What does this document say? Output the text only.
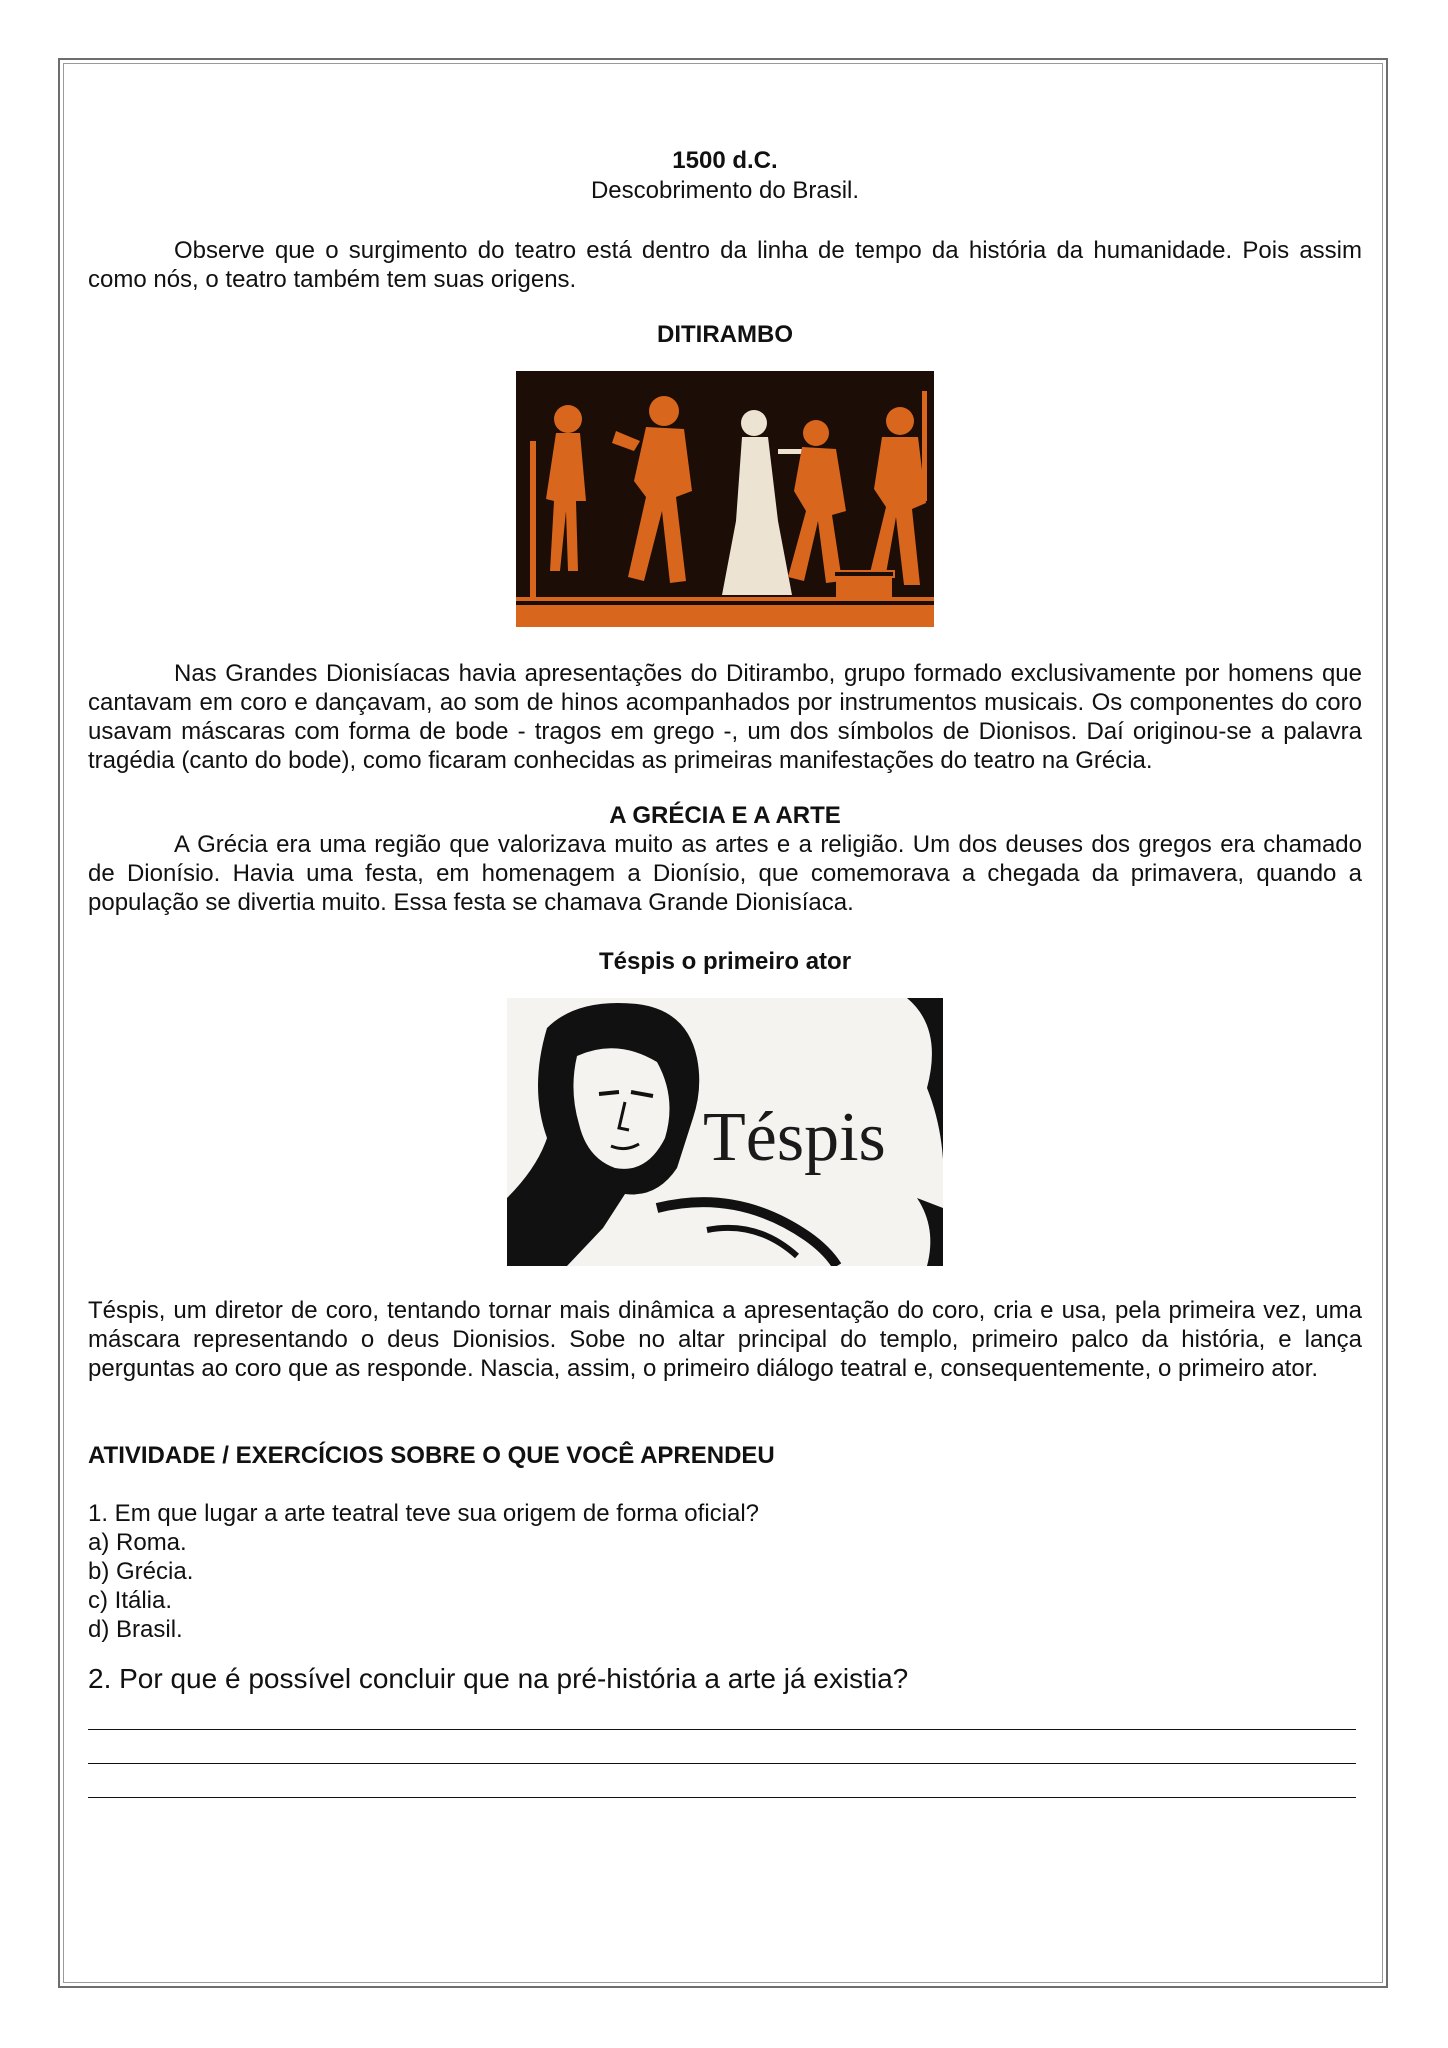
1500 d.C.
Descobrimento do Brasil.

Observe que o surgimento do teatro está dentro da linha de tempo da história da humanidade. Pois assim como nós, o teatro também tem suas origens.

DITIRAMBO

Nas Grandes Dionisíacas havia apresentações do Ditirambo, grupo formado exclusivamente por homens que cantavam em coro e dançavam, ao som de hinos acompanhados por instrumentos musicais. Os componentes do coro usavam máscaras com forma de bode - tragos em grego -, um dos símbolos de Dionisos. Daí originou-se a palavra tragédia (canto do bode), como ficaram conhecidas as primeiras manifestações do teatro na Grécia.

A GRÉCIA E A ARTE

A Grécia era uma região que valorizava muito as artes e a religião. Um dos deuses dos gregos era chamado de Dionísio. Havia uma festa, em homenagem a Dionísio, que comemorava a chegada da primavera, quando a população se divertia muito. Essa festa se chamava Grande Dionisíaca.

Téspis o primeiro ator
Téspis

Téspis, um diretor de coro, tentando tornar mais dinâmica a apresentação do coro, cria e usa, pela primeira vez, uma máscara representando o deus Dionisios. Sobe no altar principal do templo, primeiro palco da história, e lança perguntas ao coro que as responde. Nascia, assim, o primeiro diálogo teatral e, consequentemente, o primeiro ator.

ATIVIDADE / EXERCÍCIOS SOBRE O QUE VOCÊ APRENDEU

1. Em que lugar a arte teatral teve sua origem de forma oficial?

a) Roma.
b) Grécia.
c) Itália.
d) Brasil.

2. Por que é possível concluir que na pré-história a arte já existia?
